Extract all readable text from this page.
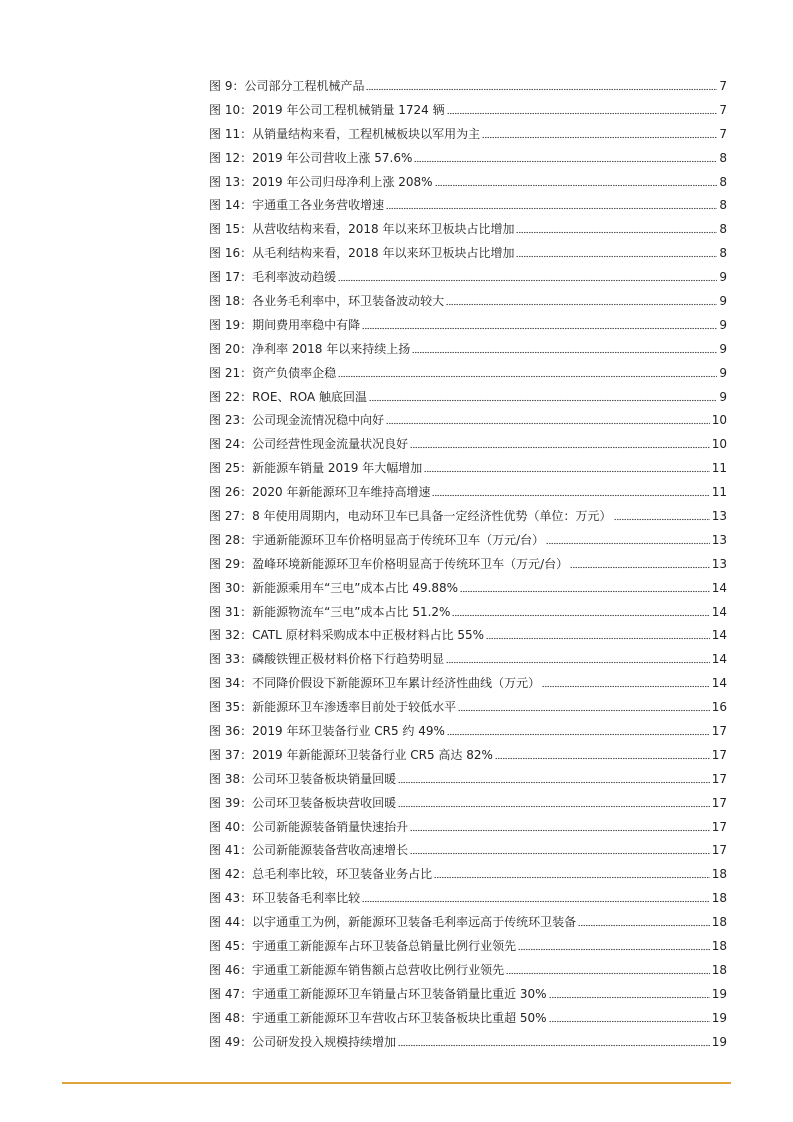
图 9：公司部分工程机械产品	7
图 10：2019 年公司工程机械销量 1724 辆	7
图 11：从销量结构来看，工程机械板块以军用为主	7
图 12：2019 年公司营收上涨 57.6%	8
图 13：2019 年公司归母净利上涨 208%	8
图 14：宇通重工各业务营收增速	8
图 15：从营收结构来看，2018 年以来环卫板块占比增加	8
图 16：从毛利结构来看，2018 年以来环卫板块占比增加	8
图 17：毛利率波动趋缓	9
图 18：各业务毛利率中，环卫装备波动较大	9
图 19：期间费用率稳中有降	9
图 20：净利率 2018 年以来持续上扬	9
图 21：资产负债率企稳	9
图 22：ROE、ROA 触底回温	9
图 23：公司现金流情况稳中向好	10
图 24：公司经营性现金流量状况良好	10
图 25：新能源车销量 2019 年大幅增加	11
图 26：2020 年新能源环卫车维持高增速	11
图 27：8 年使用周期内，电动环卫车已具备一定经济性优势（单位：万元）	13
图 28：宇通新能源环卫车价格明显高于传统环卫车（万元/台）	13
图 29：盈峰环境新能源环卫车价格明显高于传统环卫车（万元/台）	13
图 30：新能源乘用车“三电”成本占比 49.88%	14
图 31：新能源物流车“三电”成本占比 51.2%	14
图 32：CATL 原材料采购成本中正极材料占比 55%	14
图 33：磷酸铁锂正极材料价格下行趋势明显	14
图 34：不同降价假设下新能源环卫车累计经济性曲线（万元）	14
图 35：新能源环卫车渗透率目前处于较低水平	16
图 36：2019 年环卫装备行业 CR5 约 49%	17
图 37：2019 年新能源环卫装备行业 CR5 高达 82%	17
图 38：公司环卫装备板块销量回暖	17
图 39：公司环卫装备板块营收回暖	17
图 40：公司新能源装备销量快速抬升	17
图 41：公司新能源装备营收高速增长	17
图 42：总毛利率比较，环卫装备业务占比	18
图 43：环卫装备毛利率比较	18
图 44：以宇通重工为例，新能源环卫装备毛利率远高于传统环卫装备	18
图 45：宇通重工新能源车占环卫装备总销量比例行业领先	18
图 46：宇通重工新能源车销售额占总营收比例行业领先	18
图 47：宇通重工新能源环卫车销量占环卫装备销量比重近 30%	19
图 48：宇通重工新能源环卫车营收占环卫装备板块比重超 50%	19
图 49：公司研发投入规模持续增加	19
